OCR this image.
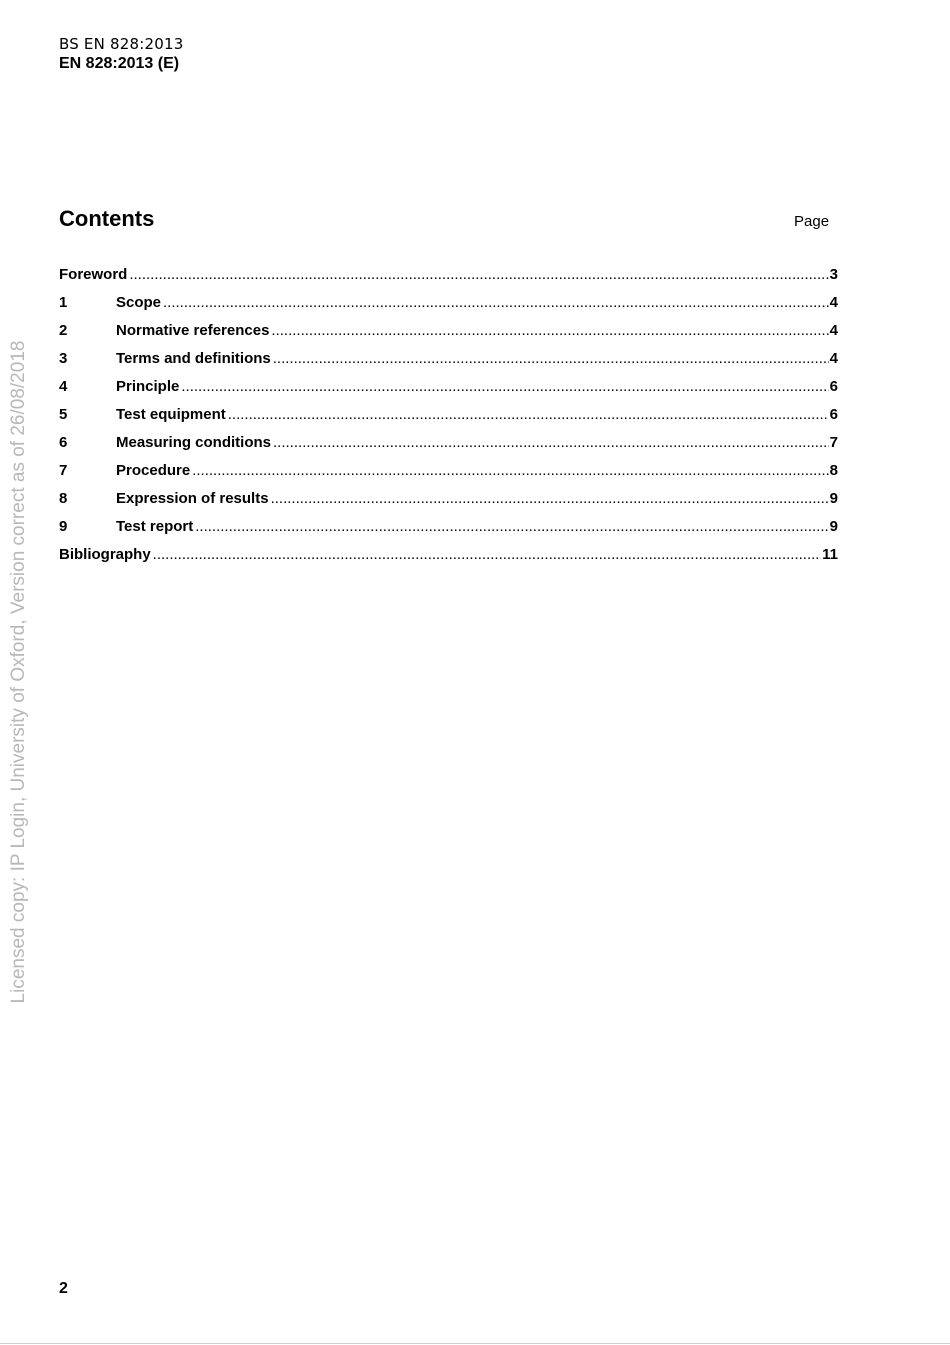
BS EN 828:2013
EN 828:2013 (E)
Contents	Page
Foreword .....	3
1	Scope .....	4
2	Normative references .....	4
3	Terms and definitions .....	4
4	Principle .....	6
5	Test equipment .....	6
6	Measuring conditions .....	7
7	Procedure .....	8
8	Expression of results .....	9
9	Test report .....	9
Bibliography .....	11
Licensed copy: IP Login, University of Oxford, Version correct as of 26/08/2018
2
